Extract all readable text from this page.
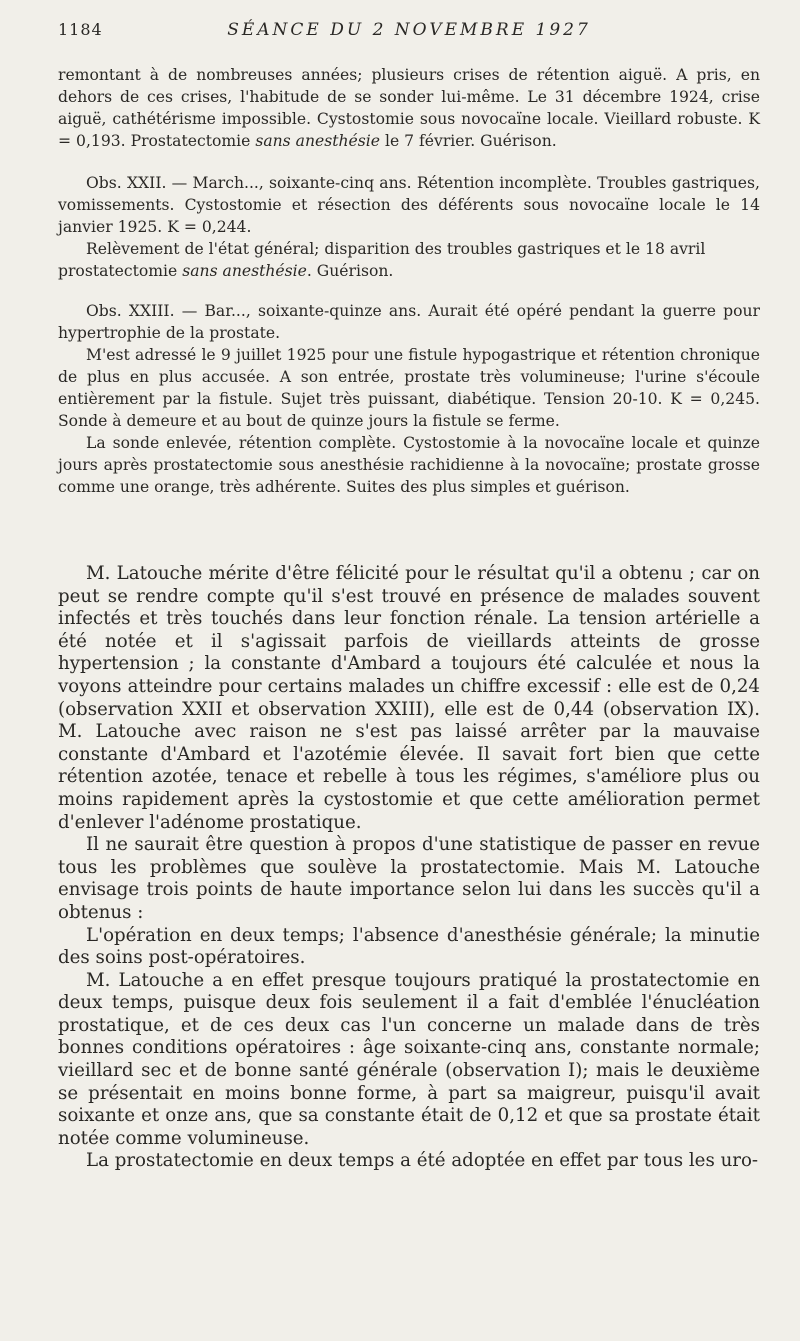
1184	SÉANCE DU 2 NOVEMBRE 1927

remontant à de nombreuses années; plusieurs crises de rétention aiguë. A pris, en dehors de ces crises, l'habitude de se sonder lui-même. Le 31 décembre 1924, crise aiguë, cathétérisme impossible. Cystostomie sous novocaïne locale. Vieillard robuste. K = 0,193. Prostatectomie sans anesthésie le 7 février. Guérison.

Obs. XXII. — March..., soixante-cinq ans. Rétention incomplète. Troubles gastriques, vomissements. Cystostomie et résection des déférents sous novocaïne locale le 14 janvier 1925. K = 0,244.

Relèvement de l'état général; disparition des troubles gastriques et le 18 avril prostatectomie sans anesthésie. Guérison.

Obs. XXIII. — Bar..., soixante-quinze ans. Aurait été opéré pendant la guerre pour hypertrophie de la prostate.

M'est adressé le 9 juillet 1925 pour une fistule hypogastrique et rétention chronique de plus en plus accusée. A son entrée, prostate très volumineuse; l'urine s'écoule entièrement par la fistule. Sujet très puissant, diabétique. Tension 20-10. K = 0,245. Sonde à demeure et au bout de quinze jours la fistule se ferme.

La sonde enlevée, rétention complète. Cystostomie à la novocaïne locale et quinze jours après prostatectomie sous anesthésie rachidienne à la novocaïne; prostate grosse comme une orange, très adhérente. Suites des plus simples et guérison.

M. Latouche mérite d'être félicité pour le résultat qu'il a obtenu ; car on peut se rendre compte qu'il s'est trouvé en présence de malades souvent infectés et très touchés dans leur fonction rénale. La tension artérielle a été notée et il s'agissait parfois de vieillards atteints de grosse hypertension ; la constante d'Ambard a toujours été calculée et nous la voyons atteindre pour certains malades un chiffre excessif : elle est de 0,24 (observation XXII et observation XXIII), elle est de 0,44 (observation IX). M. Latouche avec raison ne s'est pas laissé arrêter par la mauvaise constante d'Ambard et l'azotémie élevée. Il savait fort bien que cette rétention azotée, tenace et rebelle à tous les régimes, s'améliore plus ou moins rapidement après la cystostomie et que cette amélioration permet d'enlever l'adénome prostatique.

Il ne saurait être question à propos d'une statistique de passer en revue tous les problèmes que soulève la prostatectomie. Mais M. Latouche envisage trois points de haute importance selon lui dans les succès qu'il a obtenus :

L'opération en deux temps; l'absence d'anesthésie générale; la minutie des soins post-opératoires.

M. Latouche a en effet presque toujours pratiqué la prostatectomie en deux temps, puisque deux fois seulement il a fait d'emblée l'énucléation prostatique, et de ces deux cas l'un concerne un malade dans de très bonnes conditions opératoires : âge soixante-cinq ans, constante normale; vieillard sec et de bonne santé générale (observation I); mais le deuxième se présentait en moins bonne forme, à part sa maigreur, puisqu'il avait soixante et onze ans, que sa constante était de 0,12 et que sa prostate était notée comme volumineuse.

La prostatectomie en deux temps a été adoptée en effet par tous les uro-
